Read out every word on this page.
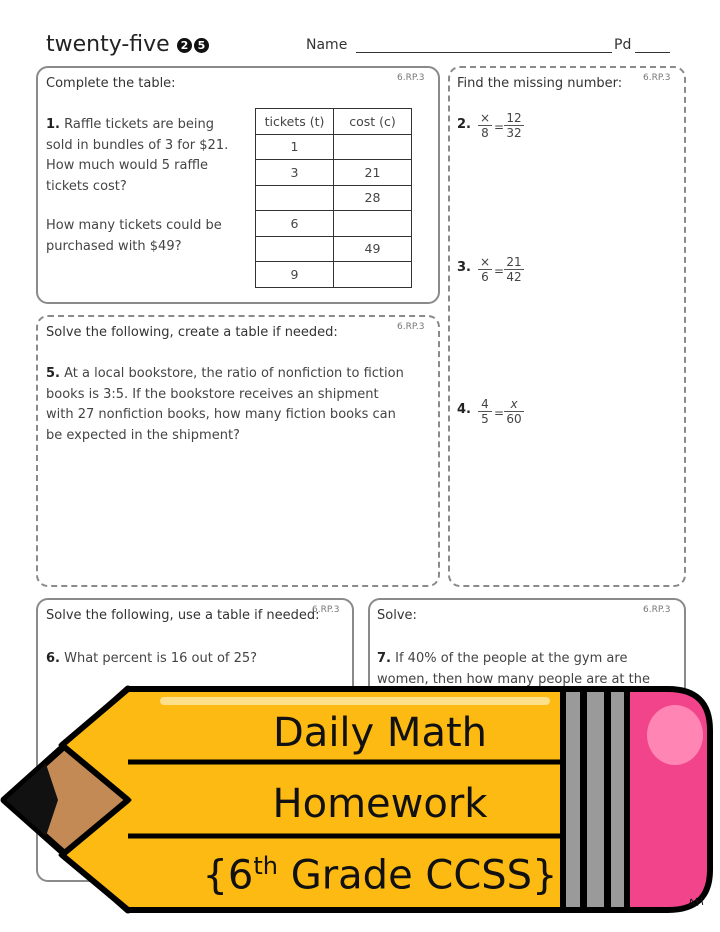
twenty-five 2 5	Name	Pd
Complete the table:	6.RP.3
1. Raffle tickets are being
sold in bundles of 3 for $21.
How much would 5 raffle
tickets cost?
How many tickets could be
purchased with $49?
tickets (t)	cost (c)
1	
3	21
	28
6	
	49
9	
Find the missing number: 6.RP.3
2. ×
$8 = \frac{12}{32}$
3. ×
$6 = \frac{21}{42}$
4. $\frac{4}{5} = \frac{x}{60}$
Solve the following, create a table if needed:	6.RP.3
5. At a local bookstore, the ratio of nonfiction to fiction
books is 3:5. If the bookstore receives an shipment
with 27 nonfiction books, how many fiction books can
be expected in the shipment?
Solve the following, use a table if needed:
6.RP.3
6. What percent is 16 out of 25?
Solve:	6.RP.3
7. If 40% of the people at the gym are
women, then how many people are at the
Daily Math
Homework
{6th Grade CCSS}
AH
